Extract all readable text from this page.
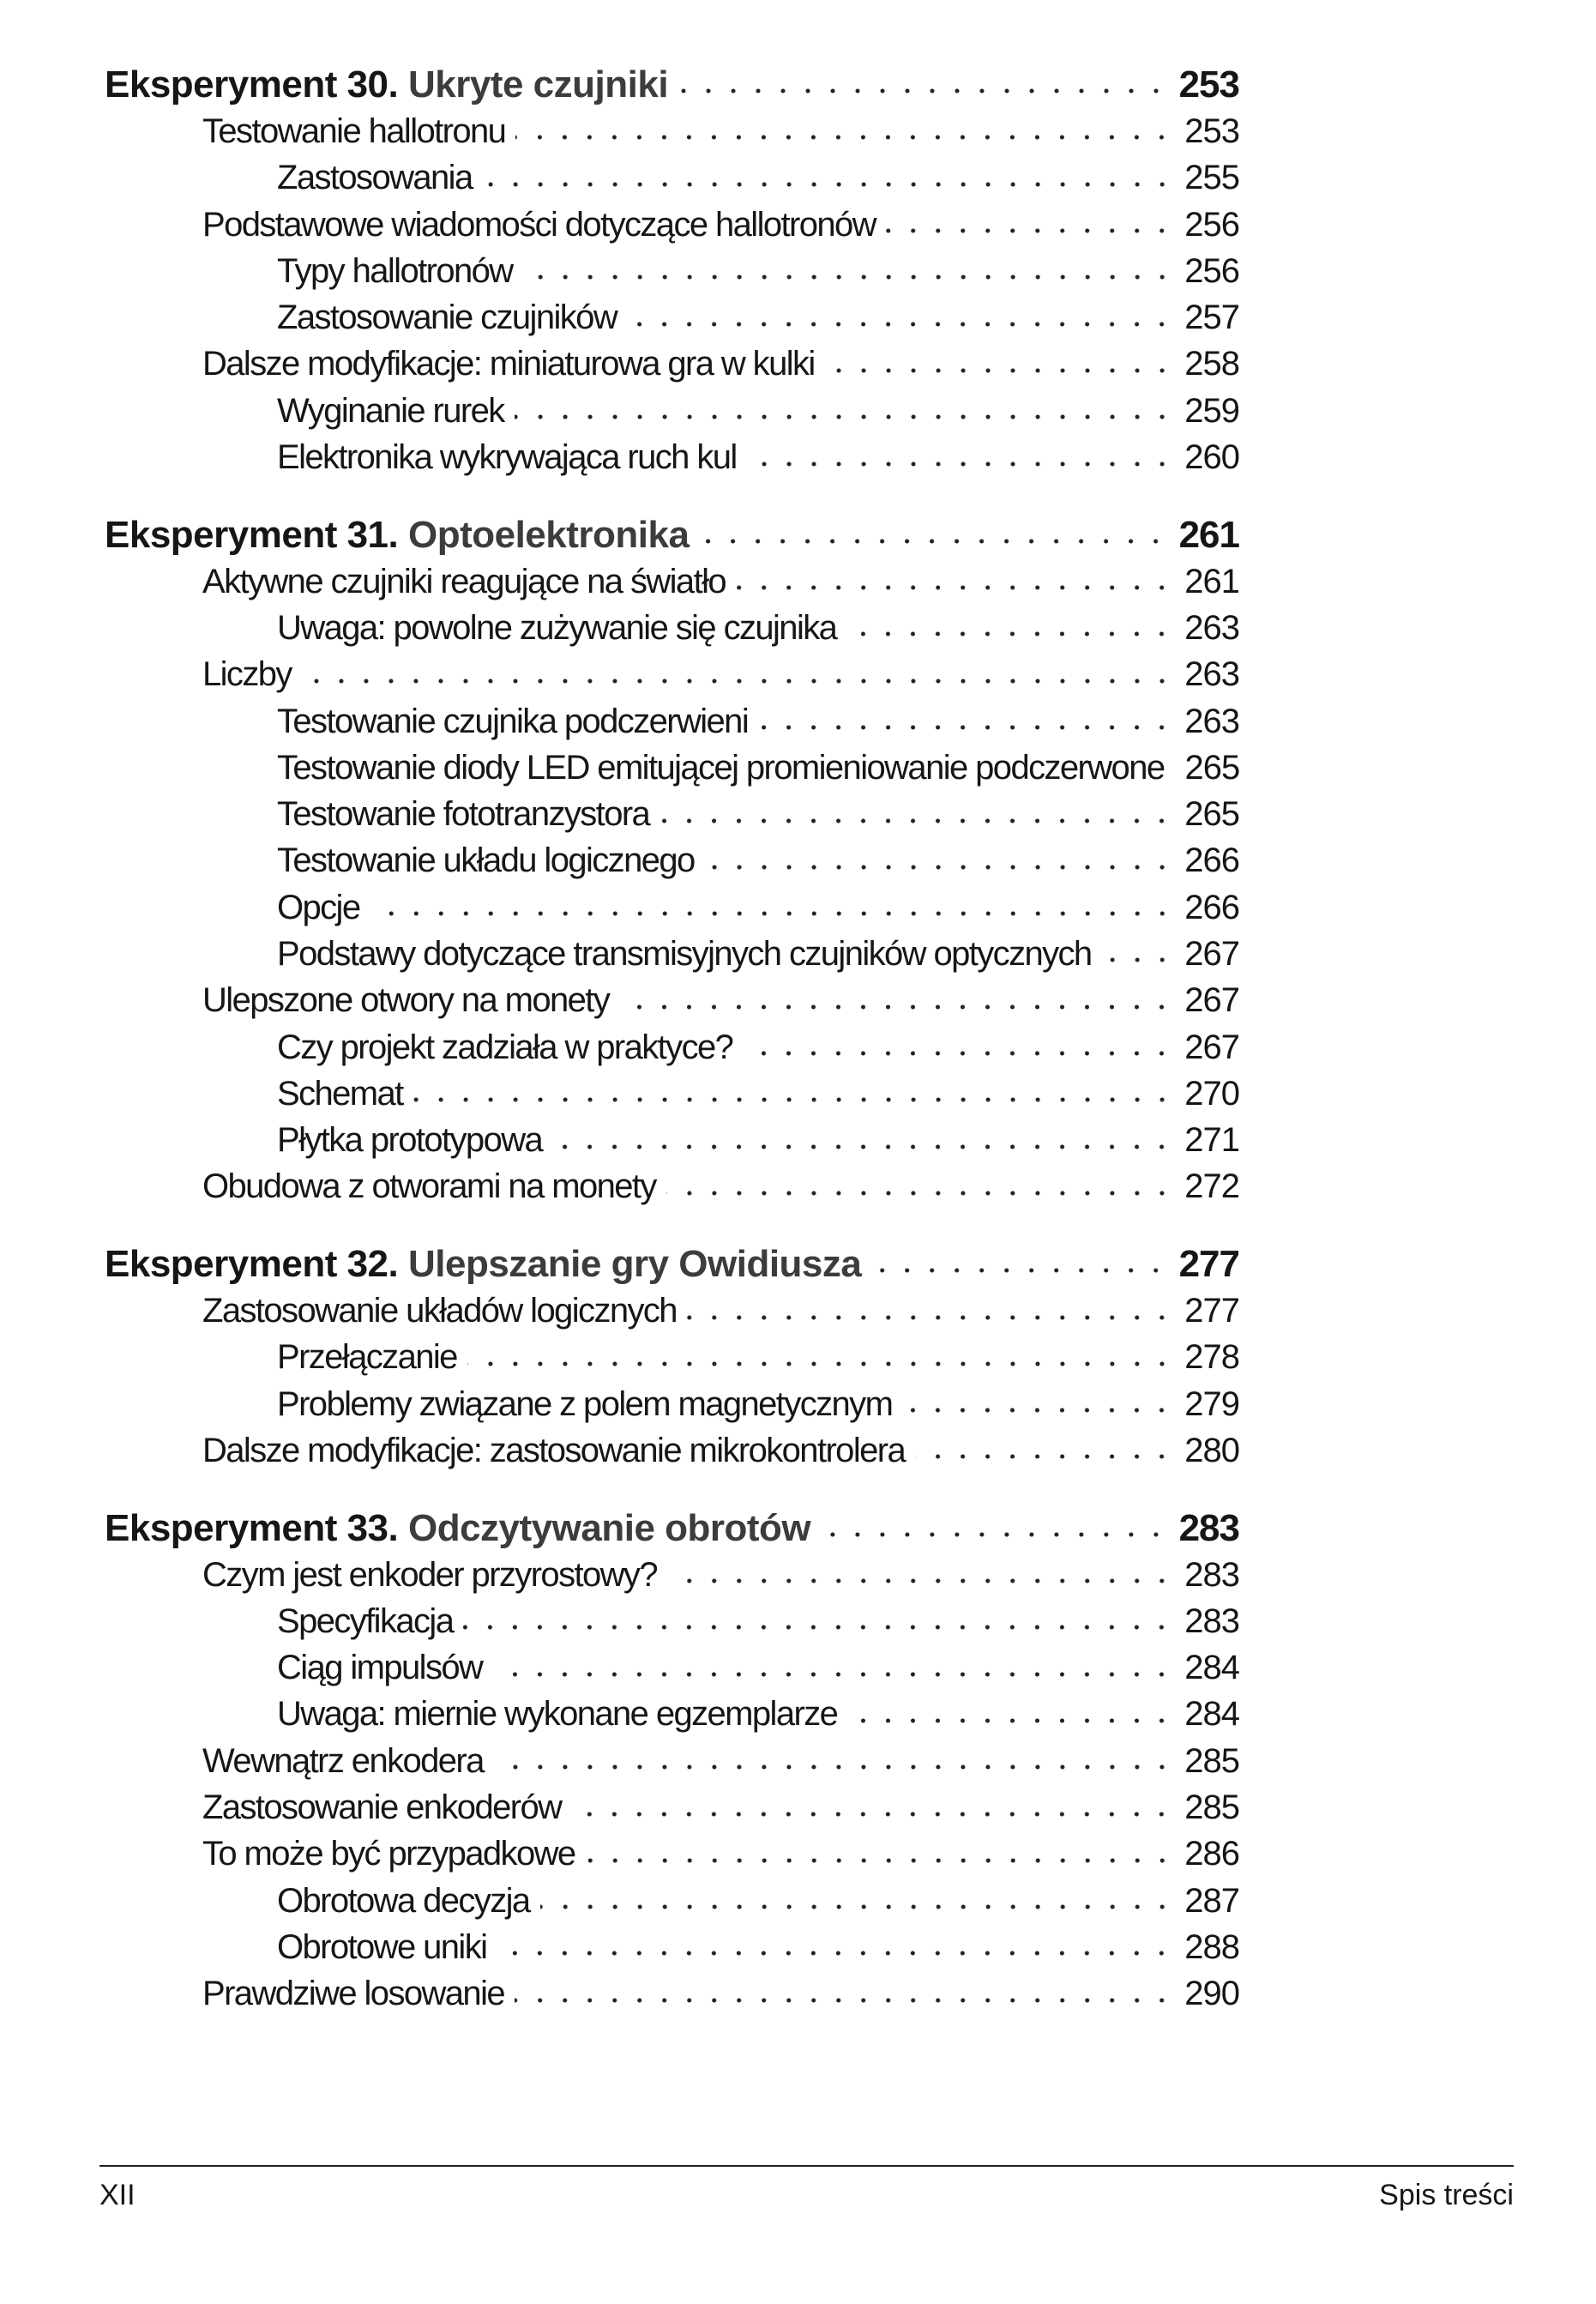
Eksperyment 30. Ukryte czujniki	253
Testowanie hallotronu	253
Zastosowania	255
Podstawowe wiadomości dotyczące hallotronów	256
Typy hallotronów	256
Zastosowanie czujników	257
Dalsze modyfikacje: miniaturowa gra w kulki	258
Wyginanie rurek	259
Elektronika wykrywająca ruch kul	260
Eksperyment 31. Optoelektronika	261
Aktywne czujniki reagujące na światło	261
Uwaga: powolne zużywanie się czujnika	263
Liczby	263
Testowanie czujnika podczerwieni	263
Testowanie diody LED emitującej promieniowanie podczerwone 265
Testowanie fototranzystora	265
Testowanie układu logicznego	266
Opcje	266
Podstawy dotyczące transmisyjnych czujników optycznych	267
Ulepszone otwory na monety	267
Czy projekt zadziała w praktyce?	267
Schemat	270
Płytka prototypowa	271
Obudowa z otworami na monety	272
Eksperyment 32. Ulepszanie gry Owidiusza	277
Zastosowanie układów logicznych	277
Przełączanie	278
Problemy związane z polem magnetycznym	279
Dalsze modyfikacje: zastosowanie mikrokontrolera	280
Eksperyment 33. Odczytywanie obrotów	283
Czym jest enkoder przyrostowy?	283
Specyfikacja	283
Ciąg impulsów	284
Uwaga: miernie wykonane egzemplarze	284
Wewnątrz enkodera	285
Zastosowanie enkoderów	285
To może być przypadkowe	286
Obrotowa decyzja	287
Obrotowe uniki	288
Prawdziwe losowanie	290
XII	Spis treści
